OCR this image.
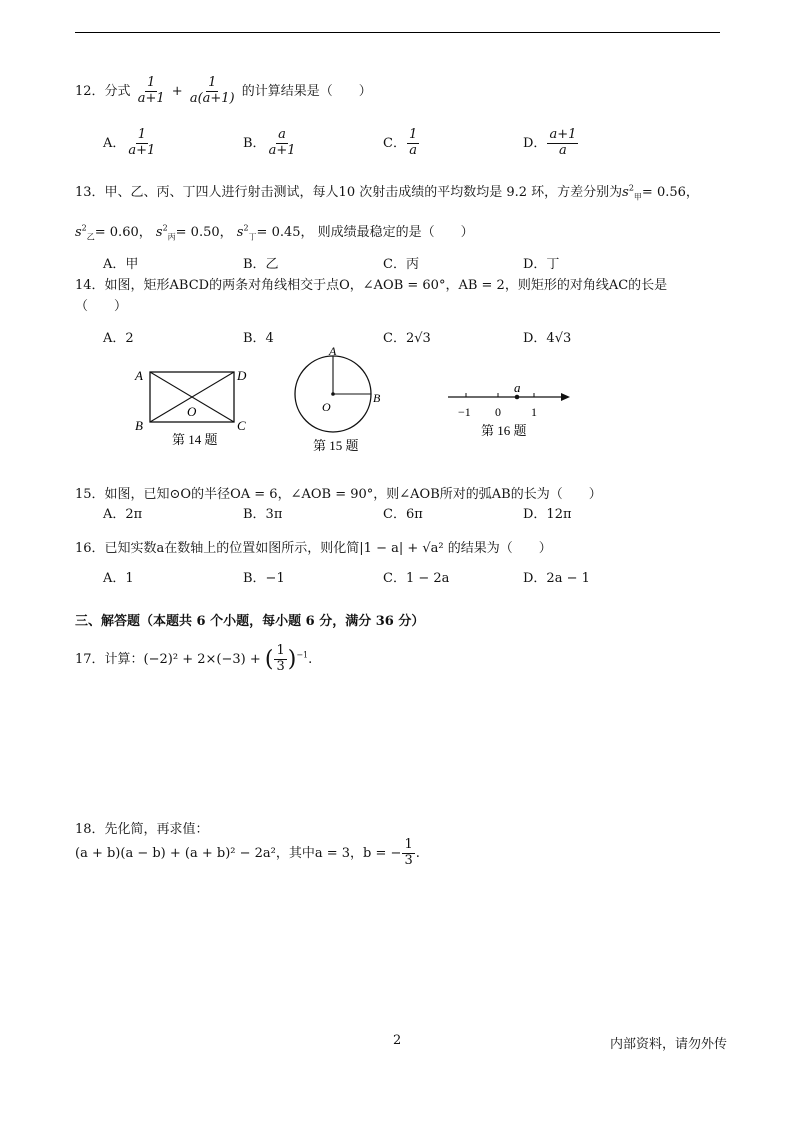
12．分式 $\frac{1}{a+1} + \frac{1}{a(a+1)}$ 的计算结果是（　　）
A． $\frac{1}{a+1}$	B． $\frac{a}{a+1}$	C． $\frac{1}{a}$	D． $\frac{a+1}{a}$
13．甲、乙、丙、丁四人进行射击测试，每人10 次射击成绩的平均数均是 9.2 环，方差分别为$s^2_甲= 0.56$，
$s^2_乙= 0.60$， $s^2_丙= 0.50$， $s^2_丁= 0.45$， 则成绩最稳定的是（　　）
A．甲	B．乙	C．丙	D．丁
14．如图，矩形ABCD的两条对角线相交于点O，∠AOB = 60°，AB = 2，则矩形的对角线AC的长是
（　　）
A．2	B．4	C．2√3	D．4√3
A	D
B	C
O
第 14 题
A
B
O
第 15 题
a
−1 0	1
第 16 题
15．如图，已知⊙O的半径OA = 6，∠AOB = 90°，则∠AOB所对的弧AB的长为（　　）
A．2π	B．3π	C．6π	D．12π
16．已知实数a在数轴上的位置如图所示，则化简|1 − a| + √a² 的结果为（　　）
A．1	B．−1	C．1 − 2a	D．2a − 1
三、解答题（本题共 6 个小题，每小题 6 分，满分 36 分）
17．计算：(−2)² + 2×(−3) + ( $\frac{1}{3} )^{-1}$.
18．先化简，再求值：
(a + b)(a − b) + (a + b)² − 2a²，其中a = 3，b = − $\frac{1}{3}$ .
2	内部资料，请勿外传
